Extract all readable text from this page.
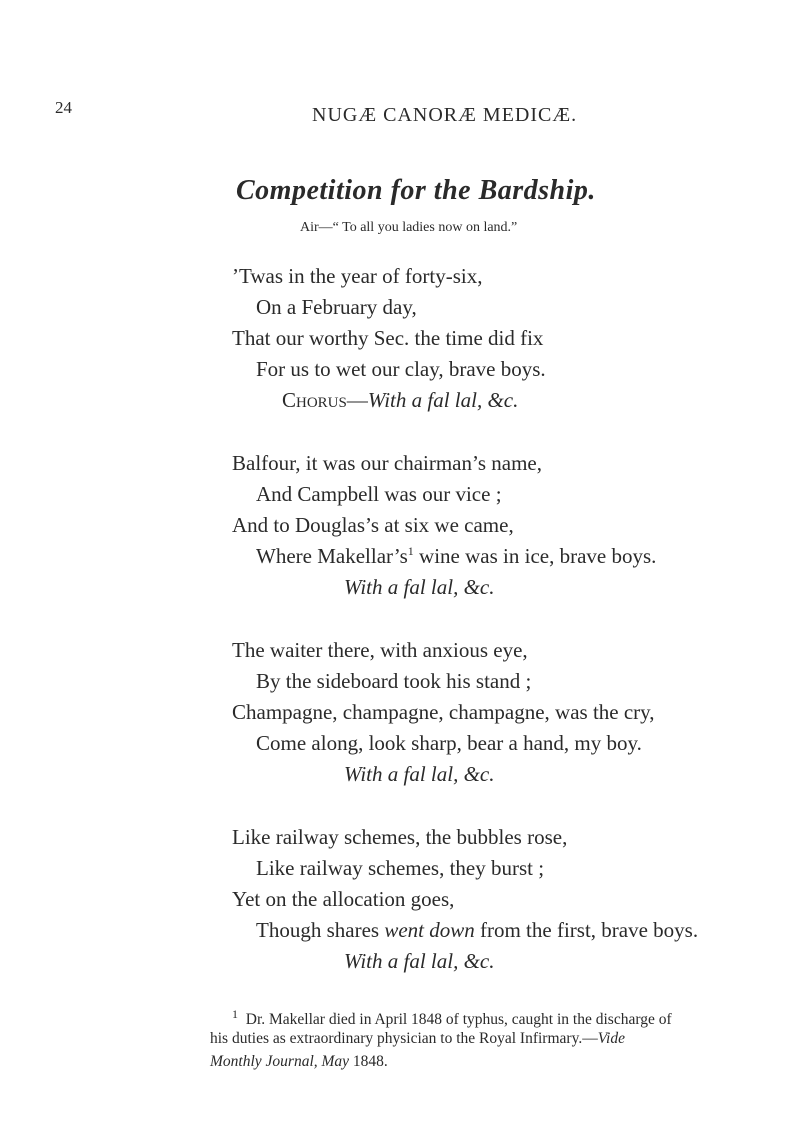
24	NUGÆ CANORÆ MEDICÆ.
Competition for the Bardship.
Air—“ To all you ladies now on land.”
’Twas in the year of forty-six,
On a February day,
That our worthy Sec. the time did fix
For us to wet our clay, brave boys.
Chorus—With a fal lal, &c.
Balfour, it was our chairman’s name,
And Campbell was our vice ;
And to Douglas’s at six we came,
Where $Makellar’s^1$ wine was in ice, brave boys.
With a fal lal, &c.
The waiter there, with anxious eye,
By the sideboard took his stand ;
Champagne, champagne, champagne, was the cry,
Come along, look sharp, bear a hand, my boy.
With a fal lal, &c.
Like railway schemes, the bubbles rose,
Like railway schemes, they burst ;
Yet on the allocation goes,
Though shares went down from the first, brave boys.
With a fal lal, &c.
$^1$ Dr. Makellar died in April 1848 of typhus, caught in the discharge of
his duties as extraordinary physician to the Royal Infirmary.—Vide
Monthly Journal, May 1848.
